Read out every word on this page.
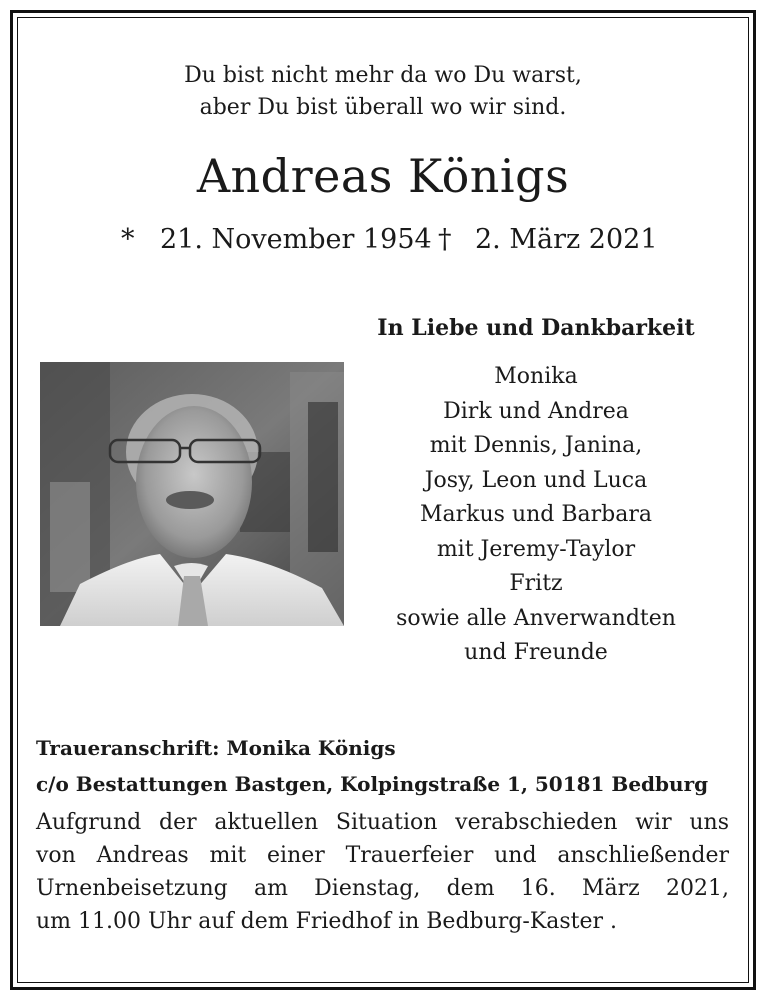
Du bist nicht mehr da wo Du warst,
aber Du bist überall wo wir sind.
Andreas Königs
* 21. November 1954 † 2. März 2021
In Liebe und Dankbarkeit
Monika
Dirk und Andrea
mit Dennis, Janina,
Josy, Leon und Luca
Markus und Barbara
mit Jeremy-Taylor
Fritz
sowie alle Anverwandten
und Freunde
Traueranschrift: Monika Königs
c/o Bestattungen Bastgen, Kolpingstraße 1, 50181 Bedburg
Aufgrund der aktuellen Situation verabschieden wir uns
von Andreas mit einer Trauerfeier und anschließender
Urnenbeisetzung am Dienstag, dem 16. März 2021,
um 11.00 Uhr auf dem Friedhof in Bedburg-Kaster .
